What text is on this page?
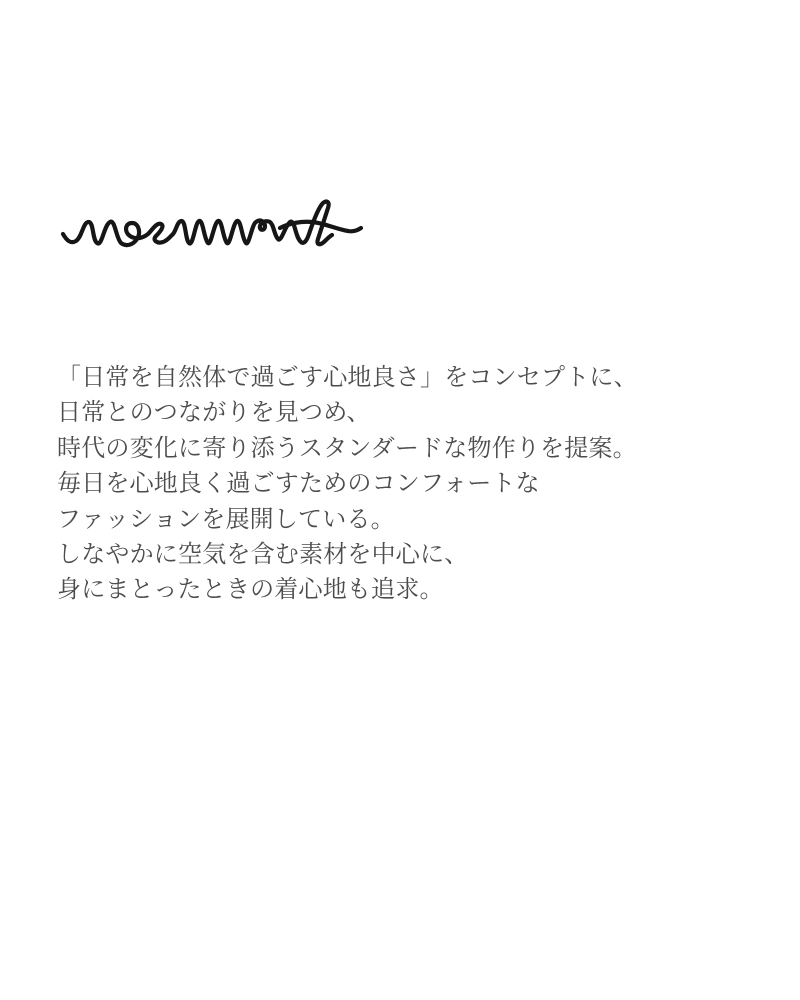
「日常を自然体で過ごす心地良さ」をコンセプトに、
日常とのつながりを見つめ、
時代の変化に寄り添うスタンダードな物作りを提案。
毎日を心地良く過ごすためのコンフォートな
ファッションを展開している。
しなやかに空気を含む素材を中心に、
身にまとったときの着心地も追求。
